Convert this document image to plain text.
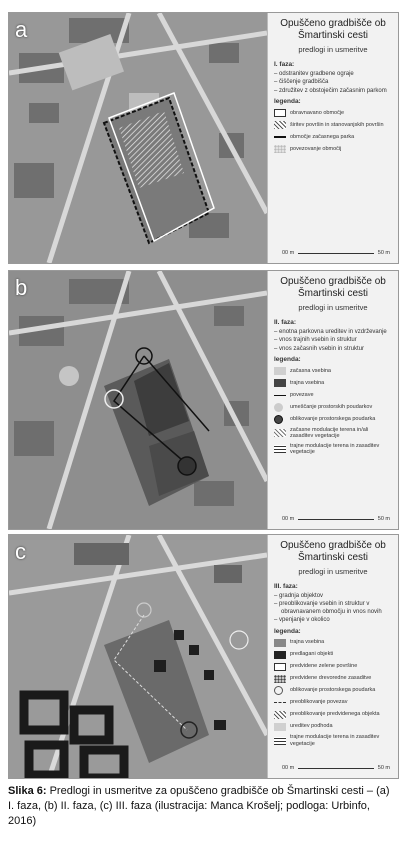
a	Opuščeno gradbišče ob Šmartinski cesti
predlogi in usmeritve
I. faza:
– odstranitev gradbene ograje
– čiščenje gradbišča
– združitev z obstoječim začasnim parkom
legenda:
obravnavano območje
širitev površin in stanovanjskih površin
območje začasnega parka
povezovanje območij
00 m	50 m
b	Opuščeno gradbišče ob Šmartinski cesti
predlogi in usmeritve
II. faza:
– enotna parkovna ureditev in vzdrževanje
– vnos trajnih vsebin in struktur
– vnos začasnih vsebin in struktur
legenda:
začasna vsebina
trajna vsebina
povezave
umeščanje prostorskih poudarkov
oblikovanje prostorskega poudarka
začasne modulacije terena in/ali zasaditev vegetacije
trajne modulacije terena in zasaditev vegetacije
00 m	50 m
c	Opuščeno gradbišče ob Šmartinski cesti
predlogi in usmeritve
III. faza:
– gradnja objektov
– preoblikovanje vsebin in struktur v obravnavanem območju in vnos novih
– vpenjanje v okolico
legenda:
trajna vsebina
predlagani objekti
predvidene zelene površine
predvidene drevoredne zasaditve
oblikovanje prostorskega poudarka
preoblikovanje povezav
preoblikovanje predvidenega objekta
ureditev podhoda
trajne modulacije terena in zasaditev vegetacije
00 m	50 m
Slika 6: Predlogi in usmeritve za opuščeno gradbišče ob Šmartinski cesti – (a) I. faza, (b) II. faza, (c) III. faza (ilustracija: Manca Krošelj; podloga: Urbinfo, 2016)
